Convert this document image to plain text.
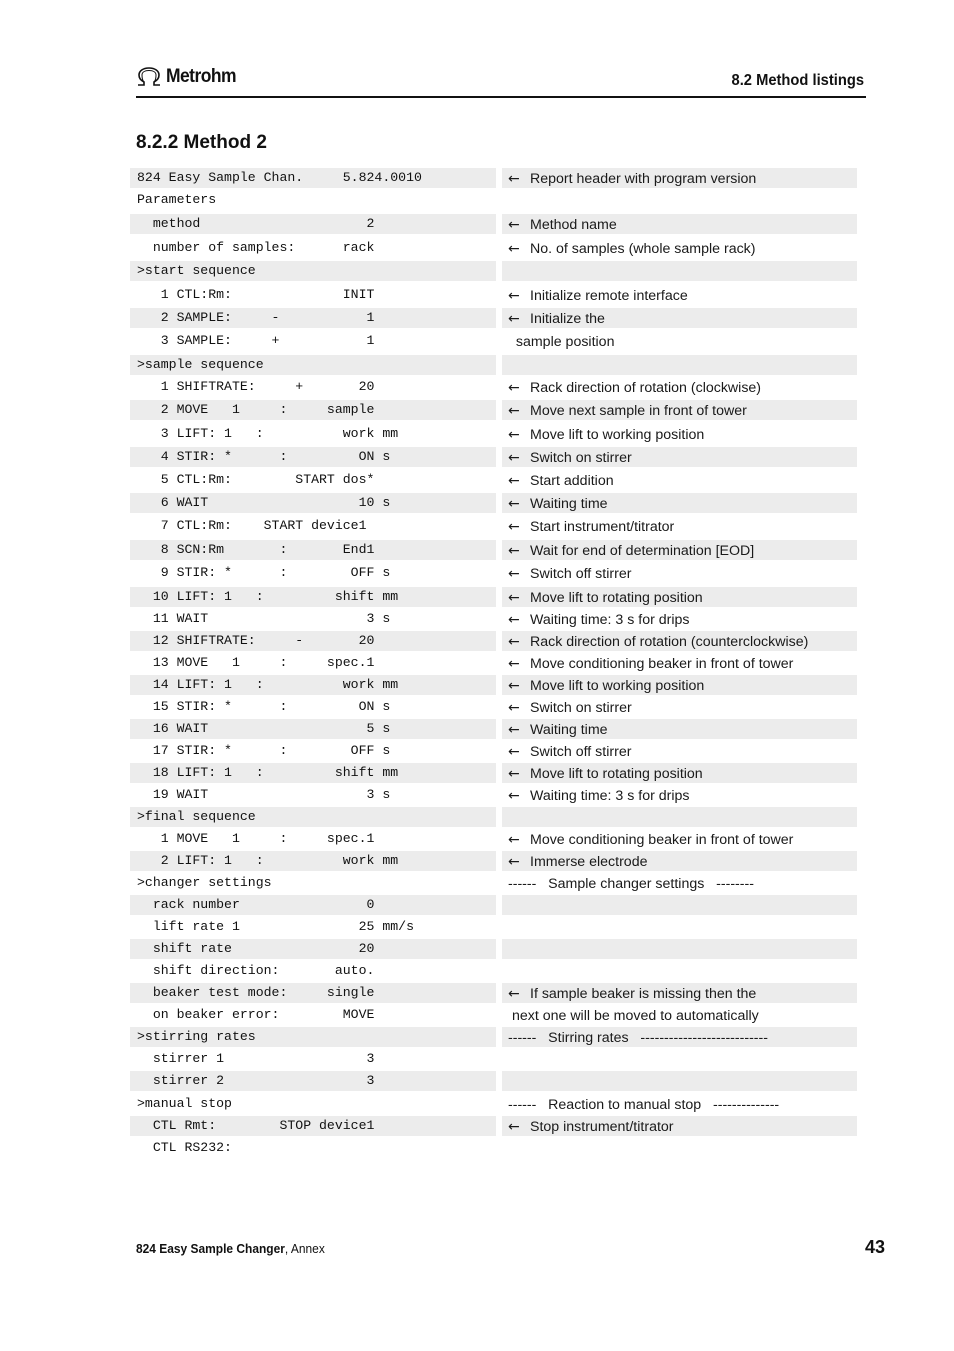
Metrohm	8.2 Method listings
8.2.2 Method 2
824 Easy Sample Chan.     5.824.0010	← Report header with program version
Parameters
method                     2	← Method name
number of samples:      rack	← No. of samples (whole sample rack)
>start sequence
1 CTL:Rm:              INIT	← Initialize remote interface
2 SAMPLE:     -           1	← Initialize the
3 SAMPLE:     +           1	sample position
>sample sequence
1 SHIFTRATE:     +       20	← Rack direction of rotation (clockwise)
2 MOVE   1     :     sample	← Move next sample in front of tower
3 LIFT: 1   :          work mm	← Move lift to working position
4 STIR: *      :         ON s	← Switch on stirrer
5 CTL:Rm:        START dos*	← Start addition
6 WAIT                   10 s	← Waiting time
7 CTL:Rm:    START device1	← Start instrument/titrator
8 SCN:Rm       :       End1	← Wait for end of determination [EOD]
9 STIR: *      :        OFF s	← Switch off stirrer
10 LIFT: 1   :         shift mm	← Move lift to rotating position
11 WAIT                    3 s	← Waiting time: 3 s for drips
12 SHIFTRATE:     -       20	← Rack direction of rotation (counterclockwise)
13 MOVE   1     :     spec.1	← Move conditioning beaker in front of tower
14 LIFT: 1   :          work mm	← Move lift to working position
15 STIR: *      :         ON s	← Switch on stirrer
16 WAIT                    5 s	← Waiting time
17 STIR: *      :        OFF s	← Switch off stirrer
18 LIFT: 1   :         shift mm	← Move lift to rotating position
19 WAIT                    3 s	← Waiting time: 3 s for drips
>final sequence
1 MOVE   1     :     spec.1	← Move conditioning beaker in front of tower
2 LIFT: 1   :          work mm	← Immerse electrode
>changer settings	------   Sample changer settings   --------
rack number                0
lift rate 1               25 mm/s
shift rate                20
shift direction:       auto.
beaker test mode:     single	← If sample beaker is missing then the
on beaker error:        MOVE	next one will be moved to automatically
>stirring rates	------   Stirring rates   ---------------------------
stirrer 1                  3
stirrer 2                  3
>manual stop	------   Reaction to manual stop   --------------
CTL Rmt:        STOP device1	← Stop instrument/titrator
CTL RS232:
824 Easy Sample Changer, Annex	43
